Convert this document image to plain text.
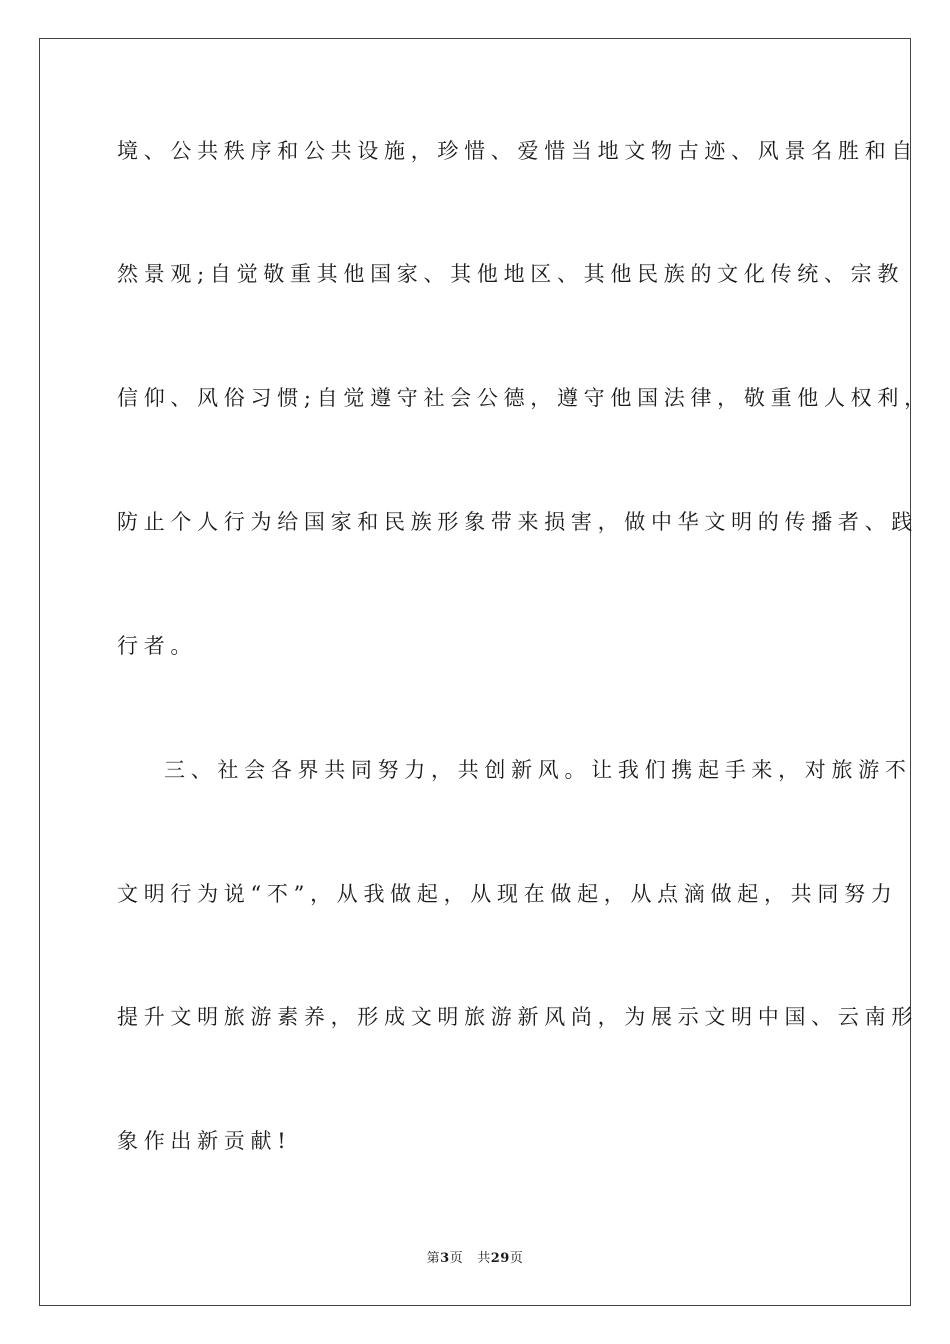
境、公共秩序和公共设施，珍惜、爱惜当地文物古迹、风景名胜和自
然景观;自觉敬重其他国家、其他地区、其他民族的文化传统、宗教
信仰、风俗习惯;自觉遵守社会公德，遵守他国法律，敬重他人权利，
防止个人行为给国家和民族形象带来损害，做中华文明的传播者、践
行者。
三、社会各界共同努力，共创新风。让我们携起手来，对旅游不
文明行为说“不”，从我做起，从现在做起，从点滴做起，共同努力
提升文明旅游素养，形成文明旅游新风尚，为展示文明中国、云南形
象作出新贡献!
第3页 共29页
